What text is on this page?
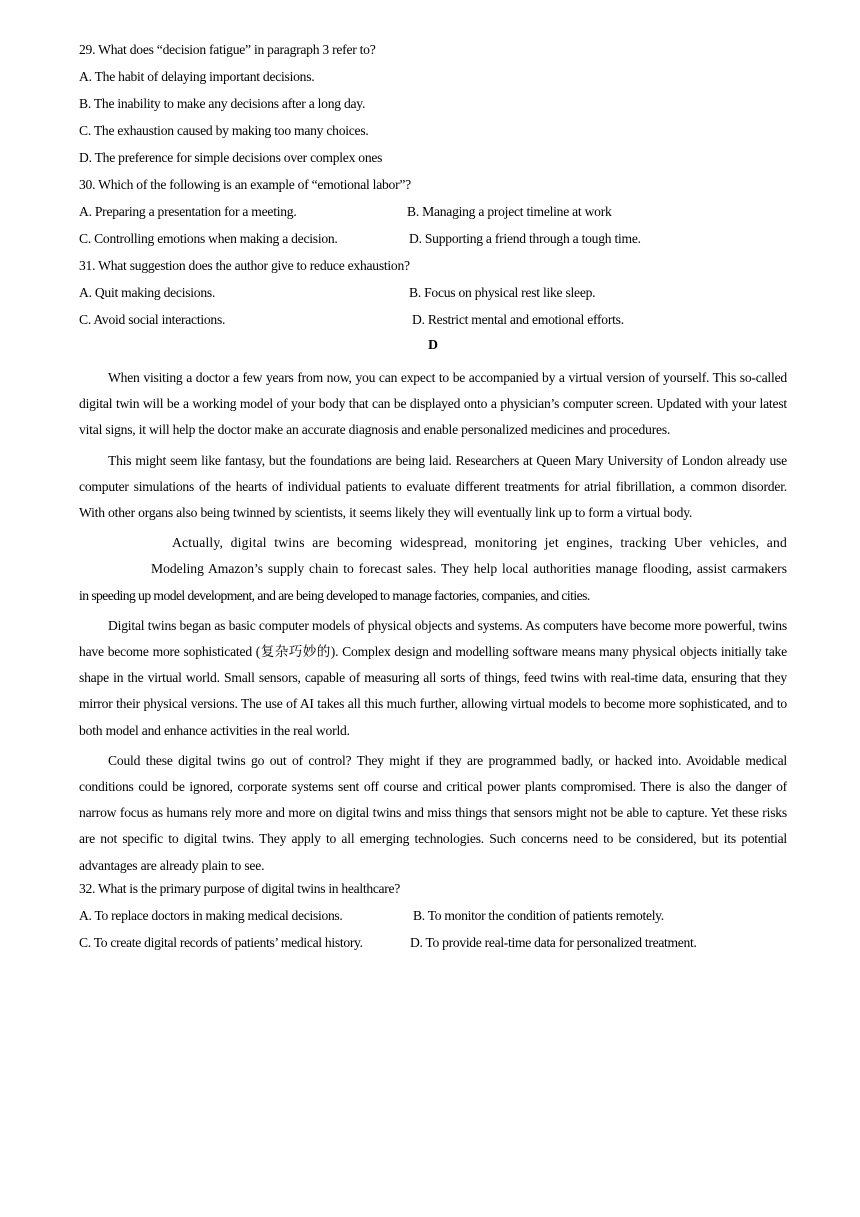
29. What does “decision fatigue” in paragraph 3 refer to?
A. The habit of delaying important decisions.
B. The inability to make any decisions after a long day.
C. The exhaustion caused by making too many choices.
D. The preference for simple decisions over complex ones
30. Which of the following is an example of “emotional labor”?
A. Preparing a presentation for a meeting.	B. Managing a project timeline at work
C. Controlling emotions when making a decision.	D. Supporting a friend through a tough time.
31. What suggestion does the author give to reduce exhaustion?
A. Quit making decisions.	B. Focus on physical rest like sleep.
C. Avoid social interactions.	D. Restrict mental and emotional efforts.
D
When visiting a doctor a few years from now, you can expect to be accompanied by a virtual version of yourself. This so-called digital twin will be a working model of your body that can be displayed onto a physician’s computer screen. Updated with your latest vital signs, it will help the doctor make an accurate diagnosis and enable personalized medicines and procedures.
This might seem like fantasy, but the foundations are being laid. Researchers at Queen Mary University of London already use computer simulations of the hearts of individual patients to evaluate different treatments for atrial fibrillation, a common disorder. With other organs also being twinned by scientists, it seems likely they will eventually link up to form a virtual body.
Actually, digital twins are becoming widespread, monitoring jet engines, tracking Uber vehicles, and
Modeling Amazon’s supply chain to forecast sales. They help local authorities manage flooding, assist carmakers
in speeding up model development, and are being developed to manage factories, companies, and cities.
Digital twins began as basic computer models of physical objects and systems. As computers have become more powerful, twins have become more sophisticated (复杂巧妙的). Complex design and modelling software means many physical objects initially take shape in the virtual world. Small sensors, capable of measuring all sorts of things, feed twins with real-time data, ensuring that they mirror their physical versions. The use of AI takes all this much further, allowing virtual models to become more sophisticated, and to both model and enhance activities in the real world.
Could these digital twins go out of control? They might if they are programmed badly, or hacked into. Avoidable medical conditions could be ignored, corporate systems sent off course and critical power plants compromised. There is also the danger of narrow focus as humans rely more and more on digital twins and miss things that sensors might not be able to capture. Yet these risks are not specific to digital twins. They apply to all emerging technologies. Such concerns need to be considered, but its potential advantages are already plain to see.
32. What is the primary purpose of digital twins in healthcare?
A. To replace doctors in making medical decisions.	B. To monitor the condition of patients remotely.
C. To create digital records of patients’ medical history.	D. To provide real-time data for personalized treatment.
